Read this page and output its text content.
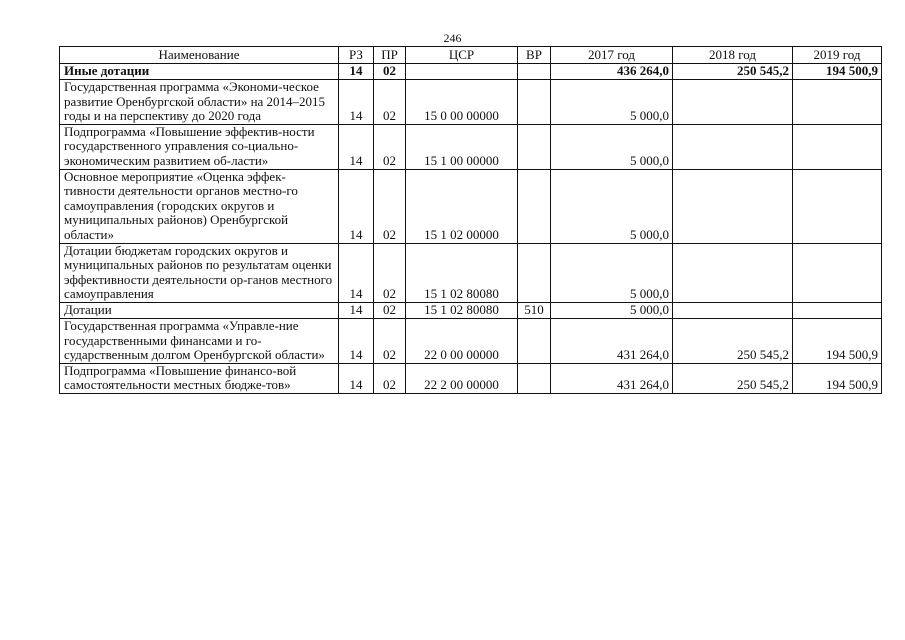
246
Наименование	РЗ	ПР	ЦСР	ВР	2017 год	2018 год	2019 год
Иные дотации	14	02			436 264,0	250 545,2	194 500,9
Государственная программа «Экономи-ческое развитие Оренбургской области» на 2014–2015 годы и на перспективу до 2020 года	14	02	15 0 00 00000		5 000,0		
Подпрограмма «Повышение эффектив-ности государственного управления со-циально-экономическим развитием об-ласти»	14	02	15 1 00 00000		5 000,0		
Основное мероприятие «Оценка эффек-тивности деятельности органов местно-го самоуправления (городских округов и муниципальных районов) Оренбургской области»	14	02	15 1 02 00000		5 000,0		
Дотации бюджетам городских округов и муниципальных районов по результатам оценки эффективности деятельности ор-ганов местного самоуправления	14	02	15 1 02 80080		5 000,0		
Дотации	14	02	15 1 02 80080	510	5 000,0		
Государственная программа «Управле-ние государственными финансами и го-сударственным долгом Оренбургской области»	14	02	22 0 00 00000		431 264,0	250 545,2	194 500,9
Подпрограмма «Повышение финансо-вой самостоятельности местных бюдже-тов»	14	02	22 2 00 00000		431 264,0	250 545,2	194 500,9
